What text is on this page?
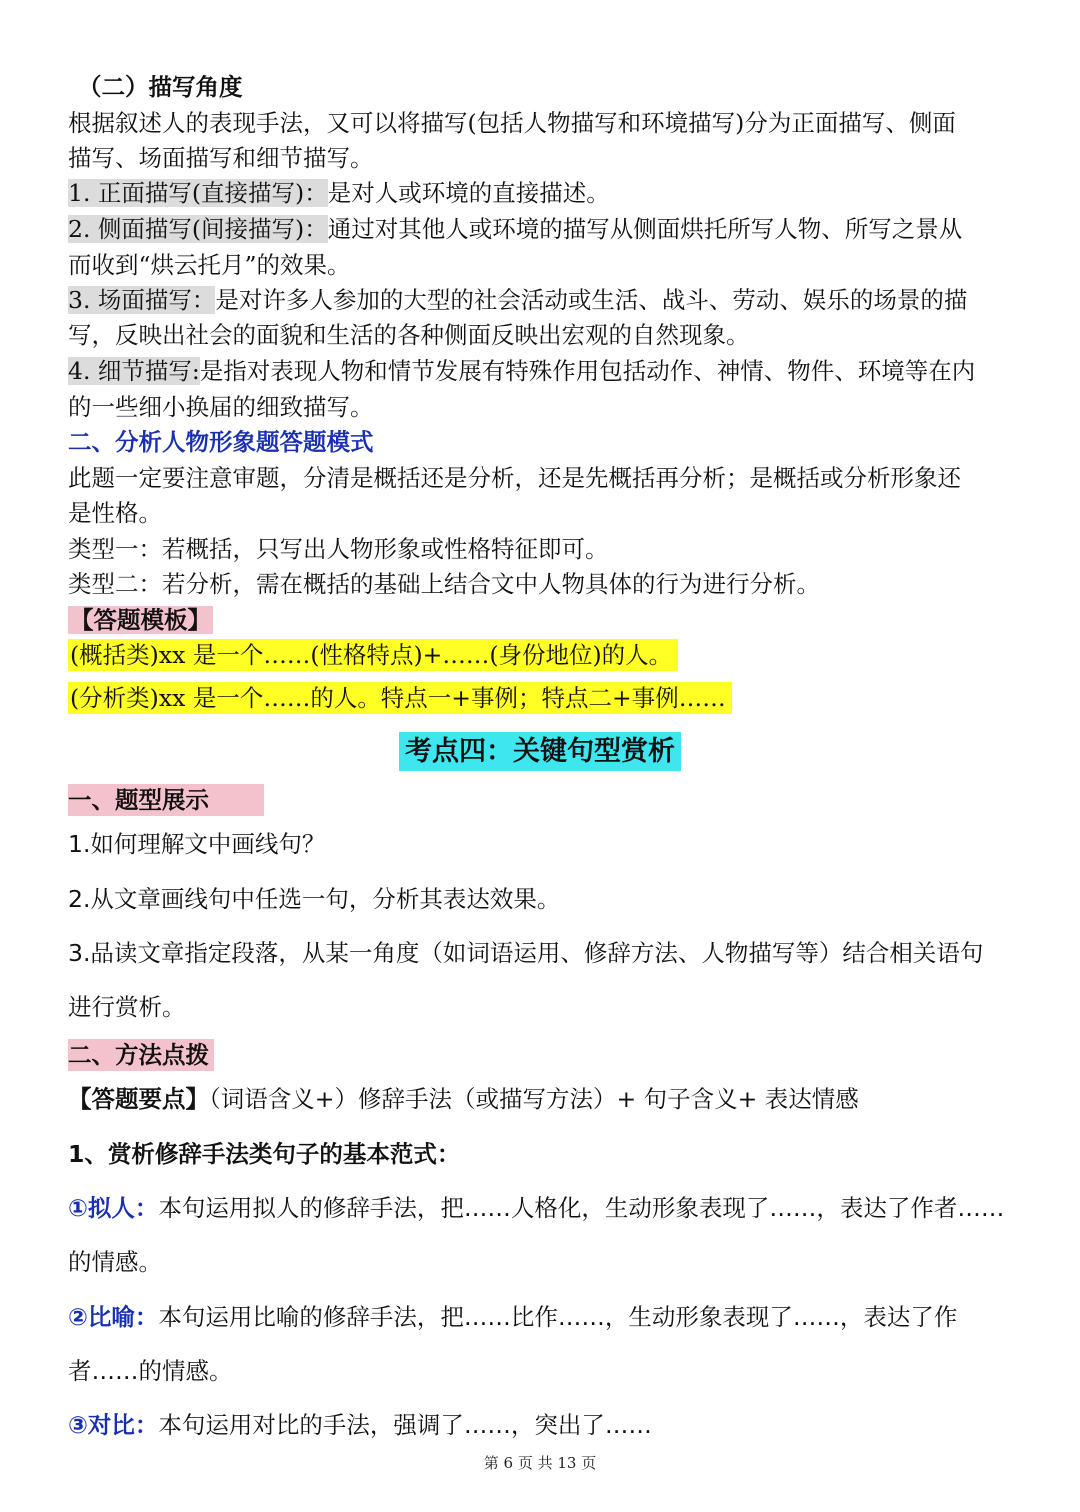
（二）描写角度
根据叙述人的表现手法，又可以将描写(包括人物描写和环境描写)分为正面描写、侧面
描写、场面描写和细节描写。
1. 正面描写(直接描写)：是对人或环境的直接描述。
2. 侧面描写(间接描写)：通过对其他人或环境的描写从侧面烘托所写人物、所写之景从
而收到“烘云托月”的效果。
3. 场面描写：是对许多人参加的大型的社会活动或生活、战斗、劳动、娱乐的场景的描
写，反映出社会的面貌和生活的各种侧面反映出宏观的自然现象。
4. 细节描写:是指对表现人物和情节发展有特殊作用包括动作、神情、物件、环境等在内
的一些细小换届的细致描写。
二、分析人物形象题答题模式
此题一定要注意审题，分清是概括还是分析，还是先概括再分析；是概括或分析形象还
是性格。
类型一：若概括，只写出人物形象或性格特征即可。
类型二：若分析，需在概括的基础上结合文中人物具体的行为进行分析。
【答题模板】
(概括类)xx 是一个……(性格特点)+……(身份地位)的人。
(分析类)xx 是一个……的人。特点一+事例；特点二+事例……
考点四：关键句型赏析
一、题型展示
1.如何理解文中画线句？
2.从文章画线句中任选一句，分析其表达效果。
3.品读文章指定段落，从某一角度（如词语运用、修辞方法、人物描写等）结合相关语句
进行赏析。
二、方法点拨
【答题要点】（词语含义+）修辞手法（或描写方法）+ 句子含义+ 表达情感
1、赏析修辞手法类句子的基本范式：
①拟人：本句运用拟人的修辞手法，把……人格化，生动形象表现了……，表达了作者……
的情感。
②比喻：本句运用比喻的修辞手法，把……比作……，生动形象表现了……，表达了作
者……的情感。
③对比：本句运用对比的手法，强调了……，突出了……
第 6 页 共 13 页
